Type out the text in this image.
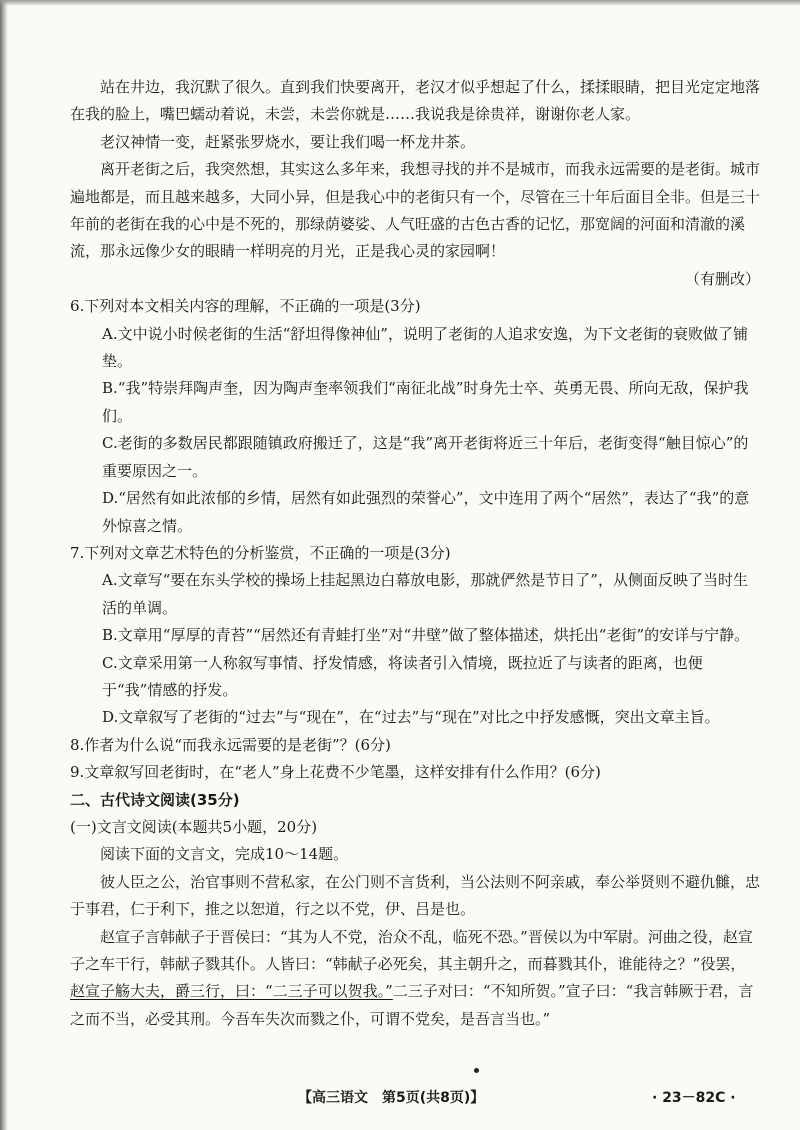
站在井边，我沉默了很久。直到我们快要离开，老汉才似乎想起了什么，揉揉眼睛，把目光定定地落在我的脸上，嘴巴蠕动着说，未尝，未尝你就是……我说我是徐贵祥，谢谢你老人家。

老汉神情一变，赶紧张罗烧水，要让我们喝一杯龙井茶。

离开老街之后，我突然想，其实这么多年来，我想寻找的并不是城市，而我永远需要的是老街。城市遍地都是，而且越来越多，大同小异，但是我心中的老街只有一个，尽管在三十年后面目全非。但是三十年前的老街在我的心中是不死的，那绿荫婆娑、人气旺盛的古色古香的记忆，那宽阔的河面和清澈的溪流，那永远像少女的眼睛一样明亮的月光，正是我心灵的家园啊！

（有删改）

6.下列对本文相关内容的理解，不正确的一项是(3分)

A.文中说小时候老街的生活“舒坦得像神仙”，说明了老街的人追求安逸，为下文老街的衰败做了铺垫。

B.“我”特崇拜陶声奎，因为陶声奎率领我们“南征北战”时身先士卒、英勇无畏、所向无敌，保护我们。

C.老街的多数居民都跟随镇政府搬迁了，这是“我”离开老街将近三十年后，老街变得“触目惊心”的重要原因之一。

D.“居然有如此浓郁的乡情，居然有如此强烈的荣誉心”，文中连用了两个“居然”，表达了“我”的意外惊喜之情。

7.下列对文章艺术特色的分析鉴赏，不正确的一项是(3分)

A.文章写“要在东头学校的操场上挂起黑边白幕放电影，那就俨然是节日了”，从侧面反映了当时生活的单调。

B.文章用“厚厚的青苔”“居然还有青蛙打坐”对“井壁”做了整体描述，烘托出“老街”的安详与宁静。

C.文章采用第一人称叙写事情、抒发情感，将读者引入情境，既拉近了与读者的距离，也便于“我”情感的抒发。

D.文章叙写了老街的“过去”与“现在”，在“过去”与“现在”对比之中抒发感慨，突出文章主旨。

8.作者为什么说“而我永远需要的是老街”？(6分)

9.文章叙写回老街时，在“老人”身上花费不少笔墨，这样安排有什么作用？(6分)

二、古代诗文阅读(35分)

(一)文言文阅读(本题共5小题，20分)

阅读下面的文言文，完成10～14题。

彼人臣之公，治官事则不营私家，在公门则不言货利，当公法则不阿亲戚，奉公举贤则不避仇雠，忠于事君，仁于利下，推之以恕道，行之以不党，伊、吕是也。

赵宣子言韩献子于晋侯曰：“其为人不党，治众不乱，临死不恐。”晋侯以为中军尉。河曲之役，赵宣子之车干行，韩献子戮其仆。人皆曰：“韩献子必死矣，其主朝升之，而暮戮其仆，谁能待之？”役罢，赵宣子觞大夫，爵三行，曰：“二三子可以贺我。”二三子对曰：“不知所贺。”宣子曰：“我言韩厥于君，言之而不当，必受其刑。今吾车失次而戮之仆，可谓不党矣，是吾言当也。”

【高三语文　第5页(共8页)】	· 23－82C ·
